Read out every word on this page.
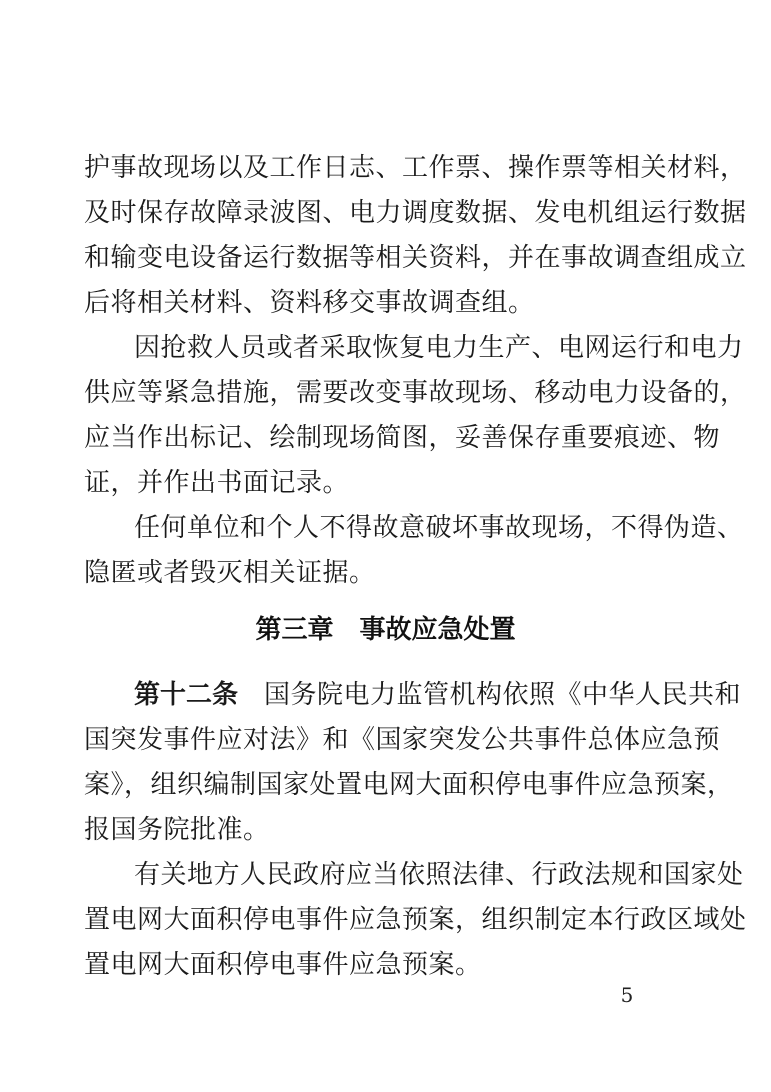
护事故现场以及工作日志、工作票、操作票等相关材料，
及时保存故障录波图、电力调度数据、发电机组运行数据
和输变电设备运行数据等相关资料，并在事故调查组成立
后将相关材料、资料移交事故调查组。
因抢救人员或者采取恢复电力生产、电网运行和电力
供应等紧急措施，需要改变事故现场、移动电力设备的，
应当作出标记、绘制现场简图，妥善保存重要痕迹、物
证，并作出书面记录。
任何单位和个人不得故意破坏事故现场，不得伪造、
隐匿或者毁灭相关证据。
第三章 事故应急处置
第十二条 国务院电力监管机构依照《中华人民共和
国突发事件应对法》和《国家突发公共事件总体应急预
案》，组织编制国家处置电网大面积停电事件应急预案，
报国务院批准。
有关地方人民政府应当依照法律、行政法规和国家处
置电网大面积停电事件应急预案，组织制定本行政区域处
置电网大面积停电事件应急预案。
5
